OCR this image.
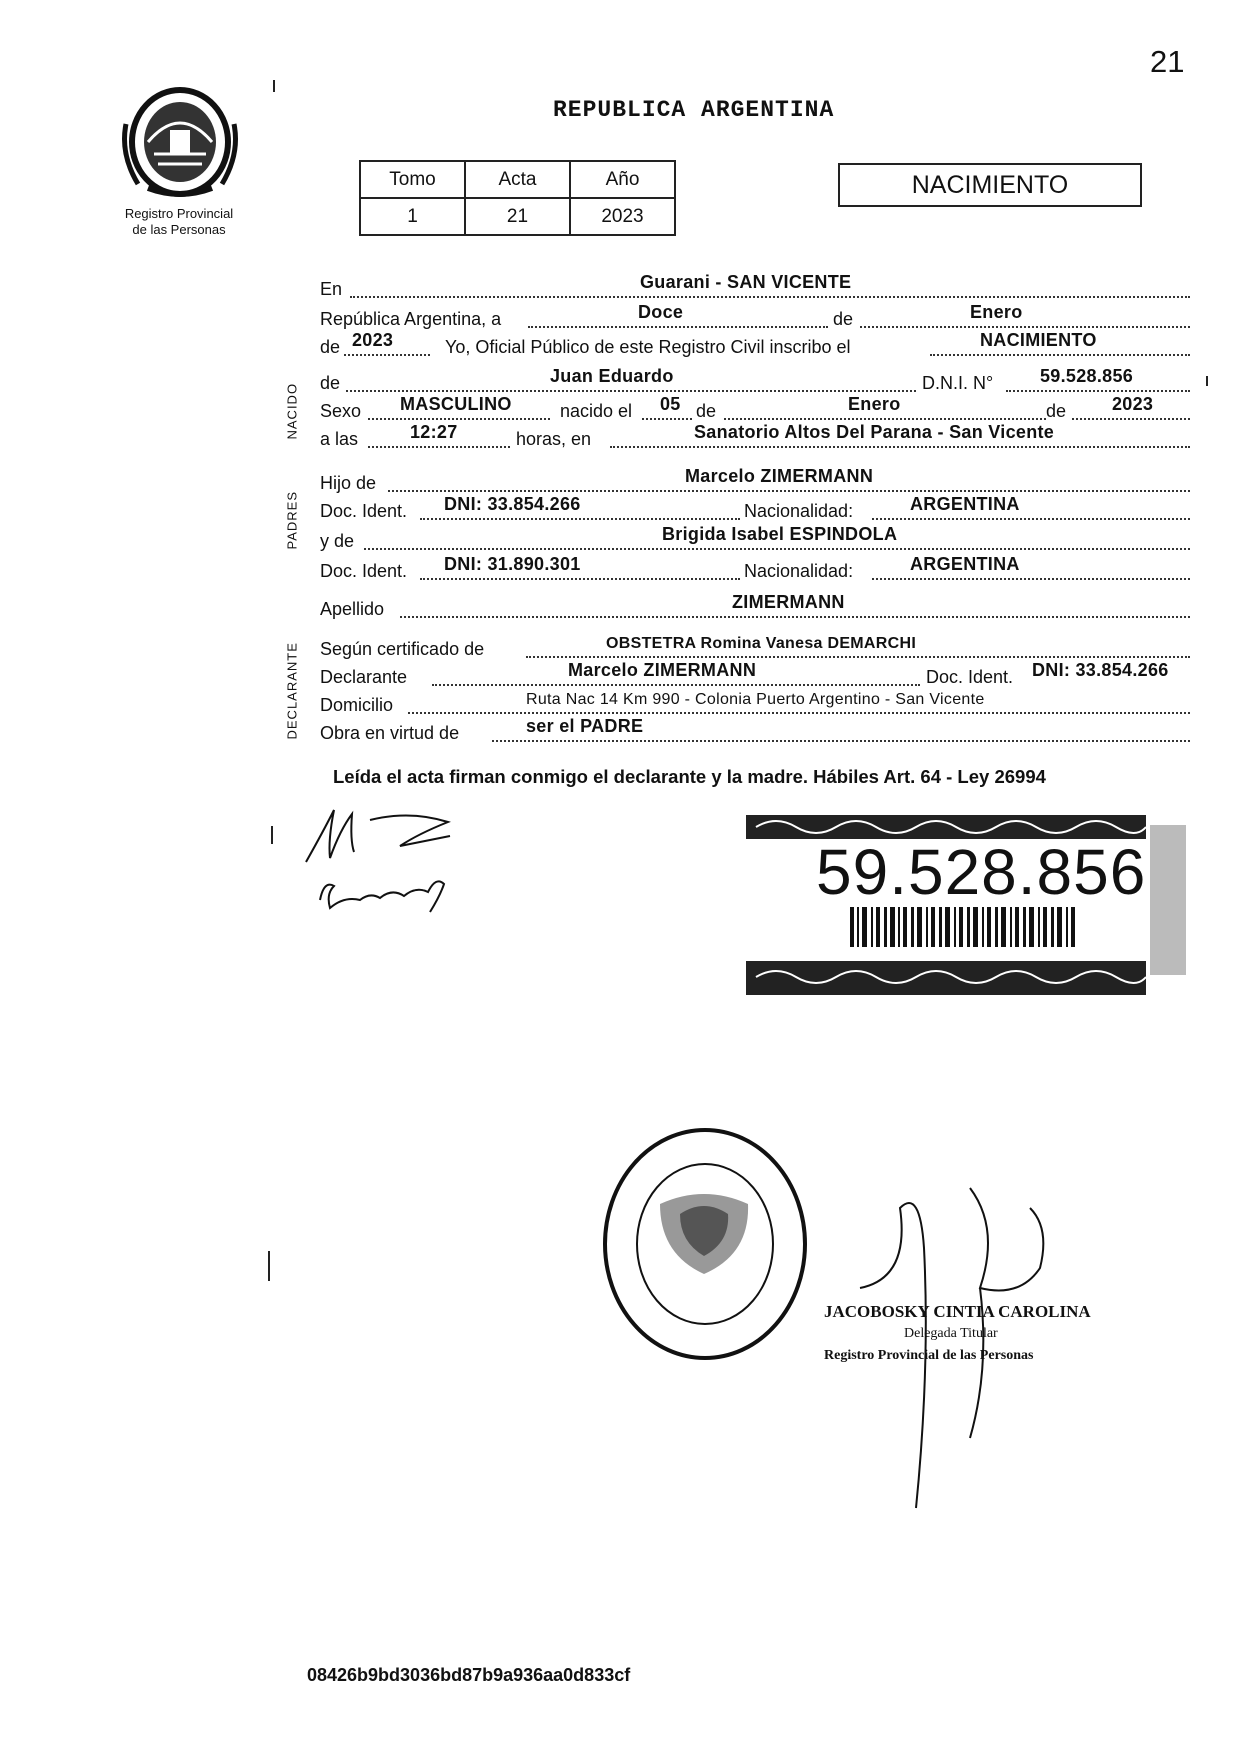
21
Registro Provincial
de las Personas
REPUBLICA ARGENTINA
Tomo	Acta	Año
1	21	2023
NACIMIENTO
NACIDO
PADRES
DECLARANTE
En	Guarani - SAN VICENTE
República Argentina, a	Doce	de	Enero
de 2023	Yo, Oficial Público de este Registro Civil inscribo el	NACIMIENTO
de	Juan Eduardo	D.N.I. N°	59.528.856
Sexo MASCULINO	nacido el 05 de	Enero	de	2023
a las	12:27	horas, en	Sanatorio Altos Del Parana - San Vicente
Hijo de	Marcelo ZIMERMANN
Doc. Ident. DNI: 33.854.266	Nacionalidad:	ARGENTINA
y de	Brigida Isabel ESPINDOLA
Doc. Ident. DNI: 31.890.301	Nacionalidad:	ARGENTINA
Apellido	ZIMERMANN
Según certificado de	OBSTETRA Romina Vanesa DEMARCHI
Declarante	Marcelo ZIMERMANN	Doc. Ident. DNI: 33.854.266
Domicilio	Ruta Nac 14 Km 990 - Colonia Puerto Argentino - San Vicente
Obra en virtud de	ser el PADRE
Leída el acta firman conmigo el declarante y la madre. Hábiles Art. 64 - Ley 26994
59.528.856
JACOBOSKY CINTIA CAROLINA
Delegada Titular
Registro Provincial de las Personas
08426b9bd3036bd87b9a936aa0d833cf
